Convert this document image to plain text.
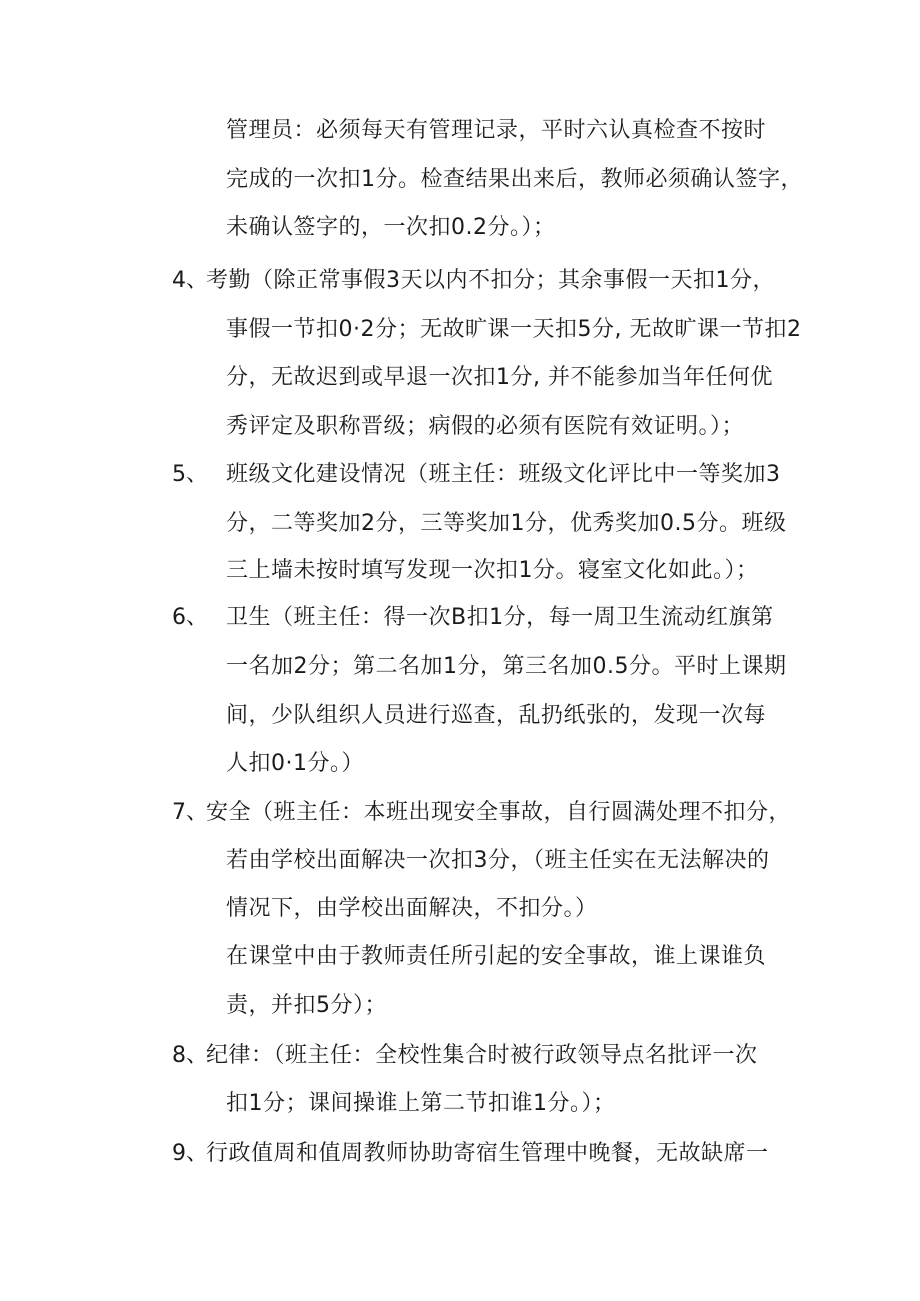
管理员：必须每天有管理记录，平时六认真检查不按时
完成的一次扣1分。检查结果出来后，教师必须确认签字，
未确认签字的，一次扣0.2分。）；
4、
考勤（除正常事假3天以内不扣分；其余事假一天扣1分，
事假一节扣0·2分；无故旷课一天扣5分, 无故旷课一节扣2
分，无故迟到或早退一次扣1分, 并不能参加当年任何优
秀评定及职称晋级；病假的必须有医院有效证明。）；
5、 班级文化建设情况（班主任：班级文化评比中一等奖加3
分，二等奖加2分，三等奖加1分，优秀奖加0.5分。班级
三上墙未按时填写发现一次扣1分。寝室文化如此。）；
6、 卫生（班主任：得一次B扣1分，每一周卫生流动红旗第
一名加2分；第二名加1分，第三名加0.5分。平时上课期
间，少队组织人员进行巡查，乱扔纸张的，发现一次每
人扣0·1分。）
7、
安全（班主任：本班出现安全事故，自行圆满处理不扣分，
若由学校出面解决一次扣3分，（班主任实在无法解决的
情况下，由学校出面解决，不扣分。）
在课堂中由于教师责任所引起的安全事故，谁上课谁负
责，并扣5分）；
8、
纪律：（班主任：全校性集合时被行政领导点名批评一次
扣1分；课间操谁上第二节扣谁1分。）；
9、
行政值周和值周教师协助寄宿生管理中晚餐，无故缺席一
